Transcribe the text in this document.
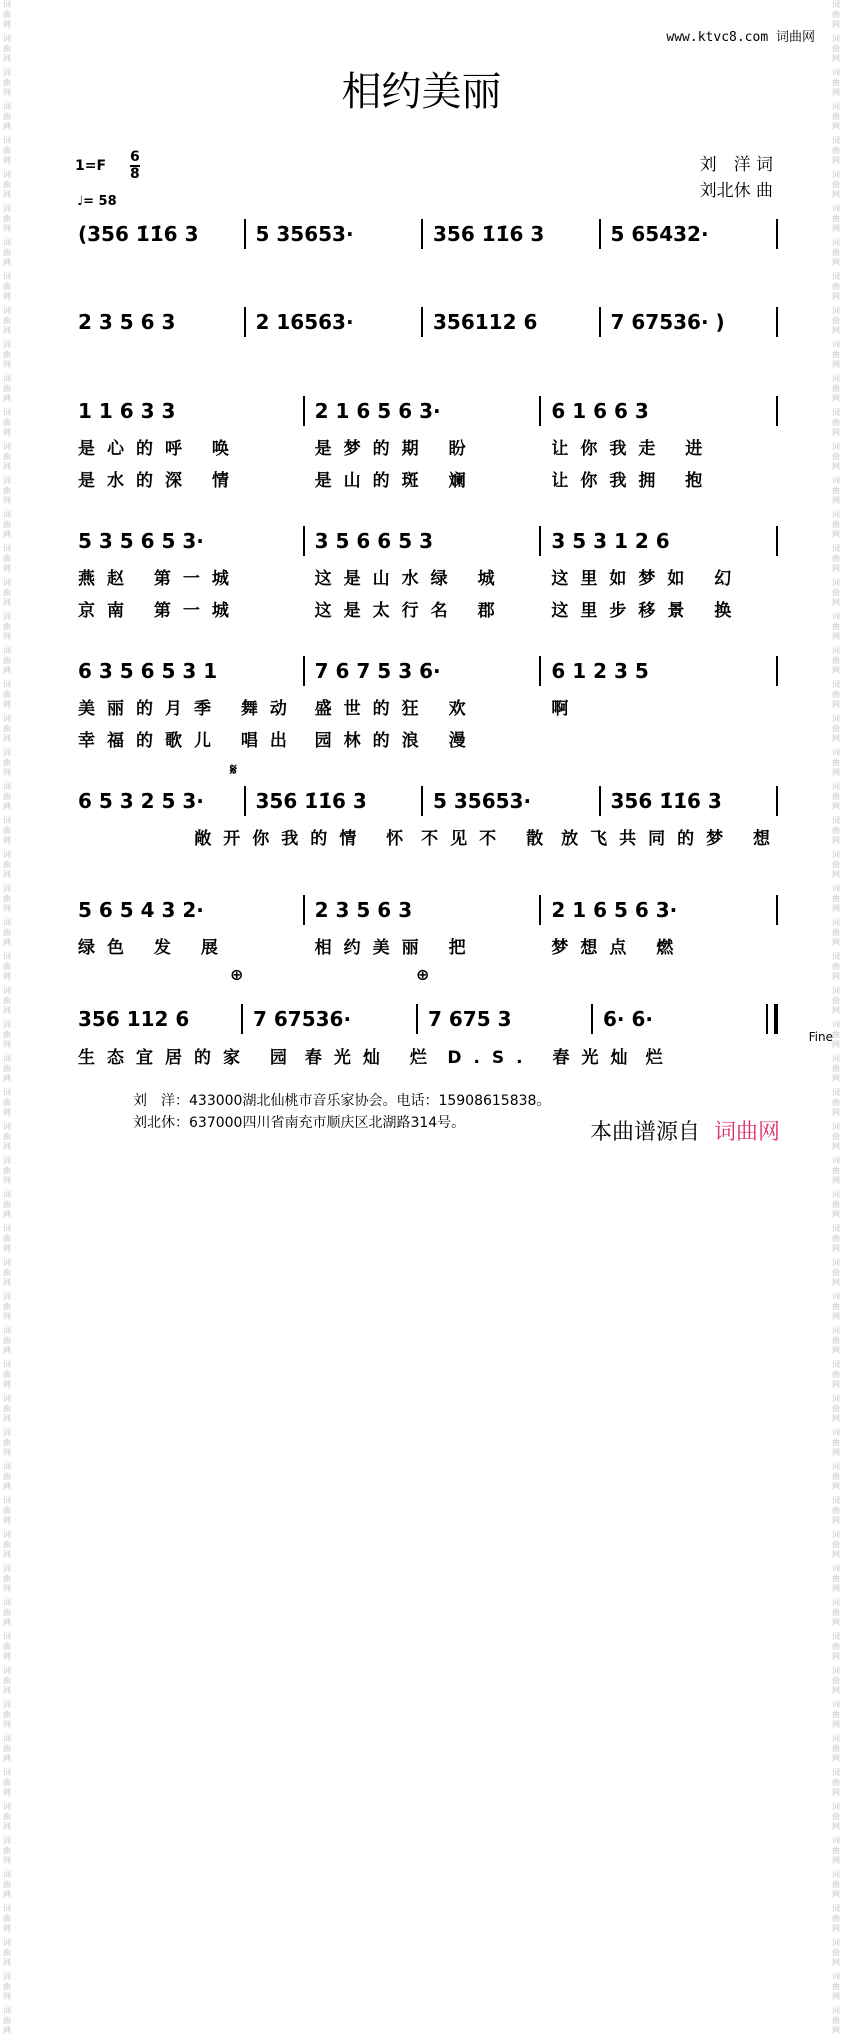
词曲网
词曲网
词曲网
词曲网
词曲网
词曲网
词曲网
词曲网
词曲网
词曲网
词曲网
词曲网
词曲网
词曲网
词曲网
词曲网
词曲网
词曲网
词曲网
词曲网
词曲网
词曲网
词曲网
词曲网
词曲网
词曲网
词曲网
词曲网
词曲网
词曲网
词曲网
词曲网
词曲网
词曲网
词曲网
词曲网
词曲网
词曲网
词曲网
词曲网
词曲网
词曲网
词曲网
词曲网
词曲网
词曲网
词曲网
词曲网
词曲网
词曲网
词曲网
词曲网
词曲网
词曲网
词曲网
词曲网
词曲网
词曲网
词曲网
词曲网
词曲网
词曲网
词曲网
词曲网
词曲网
词曲网
词曲网
词曲网
词曲网
词曲网
词曲网
词曲网
词曲网
词曲网
词曲网
词曲网
词曲网
词曲网
词曲网
词曲网
词曲网
词曲网
词曲网
词曲网
词曲网
词曲网
词曲网
词曲网
词曲网
词曲网
词曲网
词曲网
词曲网
词曲网
词曲网
词曲网
词曲网
词曲网
词曲网
词曲网
词曲网
词曲网
词曲网
词曲网
词曲网
词曲网
词曲网
词曲网
词曲网
词曲网
词曲网
词曲网
词曲网
词曲网
词曲网
词曲网
词曲网
词曲网
词曲网
词曲网
www.ktvc8.com 词曲网
相约美丽
1=F
6
8
♩= 58
刘　洋 词
刘北休 曲
(356 1̇1̇6 3	5 35653·	356 1̇1̇6 3	5 65432·
2 3 5 6 3	2 16563·	356112 6	7 67536· )
1 1 6 3 3	2 1 6 5 6 3·	6 1 6 6 3
是心的呼 唤	是梦的期 盼	让你我走 进
是水的深 情	是山的斑 斓	让你我拥 抱
5 3 5 6 5 3·	3 5 6 6 5 3	3 5 3 1 2 6
燕赵 第一城	这是山水绿 城	这里如梦如 幻
京南 第一城	这是太行名 郡	这里步移景 换
6 3 5 6 5 3 1	7 6 7 5 3 6·	6 1 2 3 5
美丽的月季 舞动 盛世的狂 欢	啊
幸福的歌儿 唱出 园林的浪 漫
6 5 3 2 5 3·	356 1̇1̇6 3	5 35653·	356 1̇1̇6 3
敞开你我的情 怀 不见不 散 放飞共同的梦 想
5 6 5 4 3 2·	2 3 5 6 3	2 1 6 5 6 3·
绿色 发 展	相约美丽 把	梦想点 燃
356 112 6	7 67536·	7 675 3	6· 6·
生态宜居的家 园 春光灿 烂 D.S. 春光灿 烂
𝄋
⊕	⊕
Fine
刘　洋：433000湖北仙桃市音乐家协会。电话：15908615838。
刘北休：637000四川省南充市顺庆区北湖路314号。	本曲谱源自 词曲网
